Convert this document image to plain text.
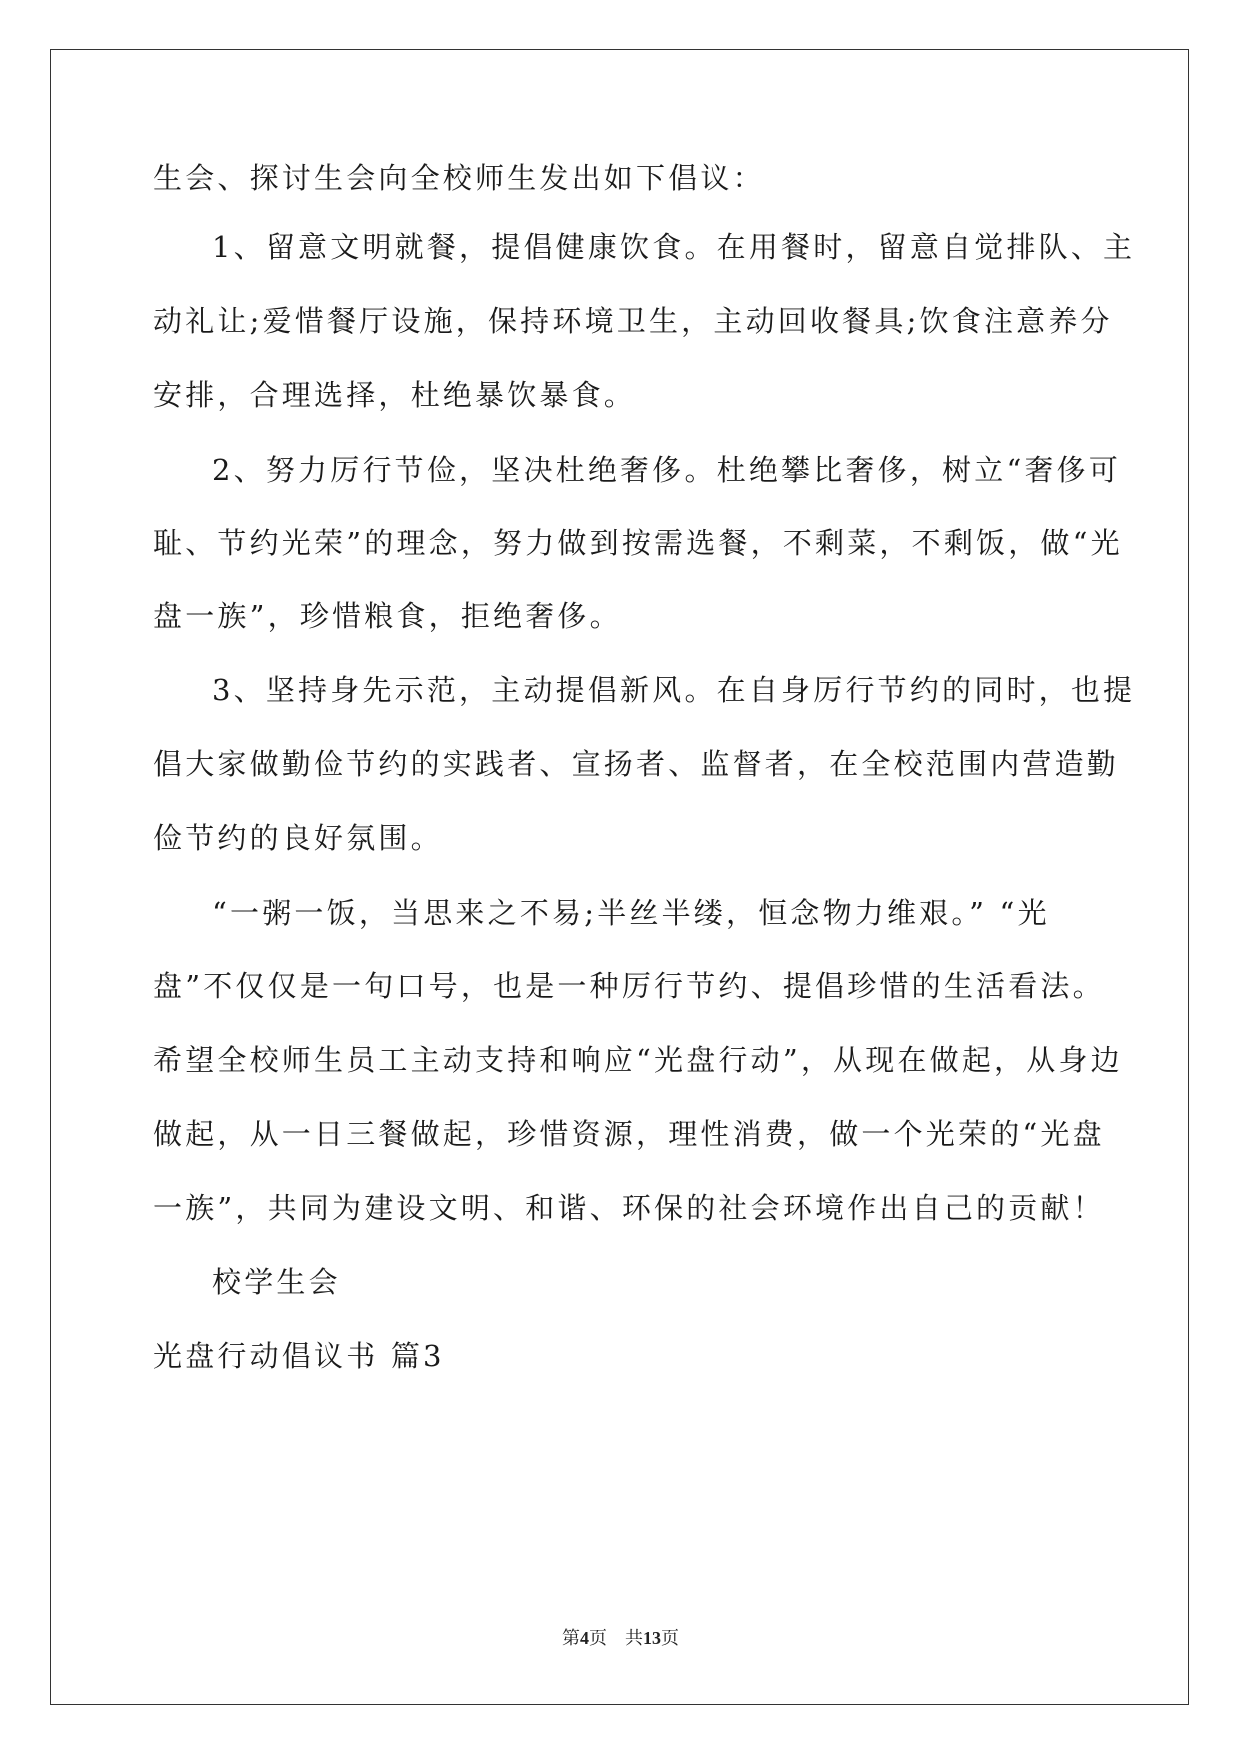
生会、探讨生会向全校师生发出如下倡议：
1、留意文明就餐，提倡健康饮食。在用餐时，留意自觉排队、主
动礼让;爱惜餐厅设施，保持环境卫生，主动回收餐具;饮食注意养分
安排，合理选择，杜绝暴饮暴食。
2、努力厉行节俭，坚决杜绝奢侈。杜绝攀比奢侈，树立“奢侈可
耻、节约光荣”的理念，努力做到按需选餐，不剩菜，不剩饭，做“光
盘一族”，珍惜粮食，拒绝奢侈。
3、坚持身先示范，主动提倡新风。在自身厉行节约的同时，也提
倡大家做勤俭节约的实践者、宣扬者、监督者，在全校范围内营造勤
俭节约的良好氛围。
“一粥一饭，当思来之不易;半丝半缕，恒念物力维艰。” “光
盘”不仅仅是一句口号，也是一种厉行节约、提倡珍惜的生活看法。
希望全校师生员工主动支持和响应“光盘行动”，从现在做起，从身边
做起，从一日三餐做起，珍惜资源，理性消费，做一个光荣的“光盘
一族”，共同为建设文明、和谐、环保的社会环境作出自己的贡献！
校学生会
光盘行动倡议书 篇3
第4页　共13页
